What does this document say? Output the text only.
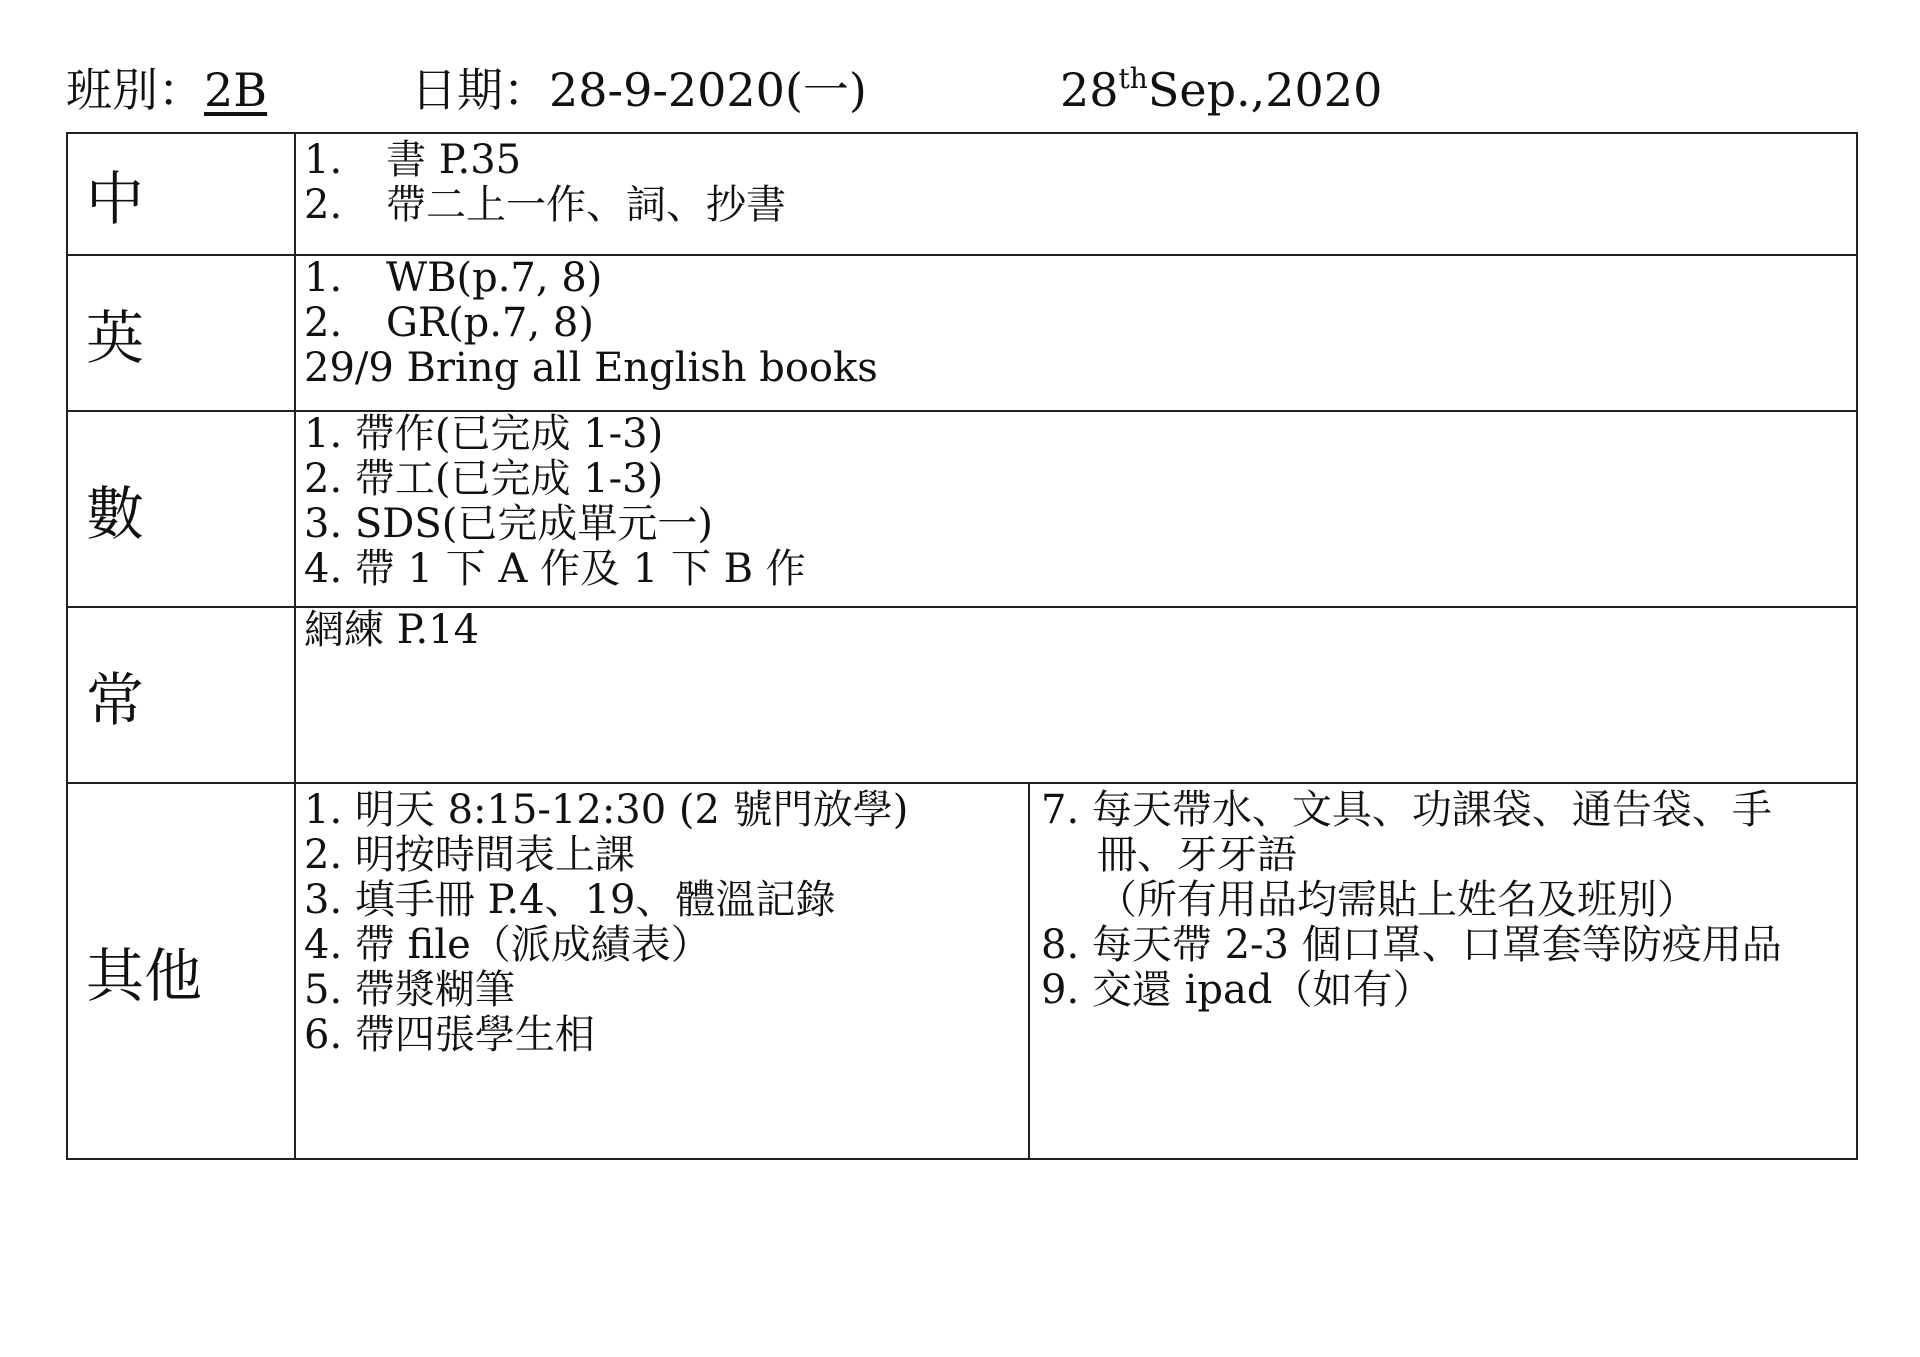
班別：2B	日期：28-9-2020(一)	28thSep.,2020
中
1. 書 P.35
2. 帶二上一作、詞、抄書
英
1. WB(p.7, 8)
2. GR(p.7, 8)
29/9 Bring all English books
數
1. 帶作(已完成 1-3)
2. 帶工(已完成 1-3)
3. SDS(已完成單元一)
4. 帶 1 下 A 作及 1 下 B 作
常
網練 P.14
其他
1. 明天 8:15-12:30 (2 號門放學)
2. 明按時間表上課
3. 填手冊 P.4、19、體溫記錄
4. 帶 file（派成績表）
5. 帶漿糊筆
6. 帶四張學生相
7. 每天帶水、文具、功課袋、通告袋、手
冊、牙牙語
（所有用品均需貼上姓名及班別）
8. 每天帶 2-3 個口罩、口罩套等防疫用品
9. 交還 ipad（如有）
